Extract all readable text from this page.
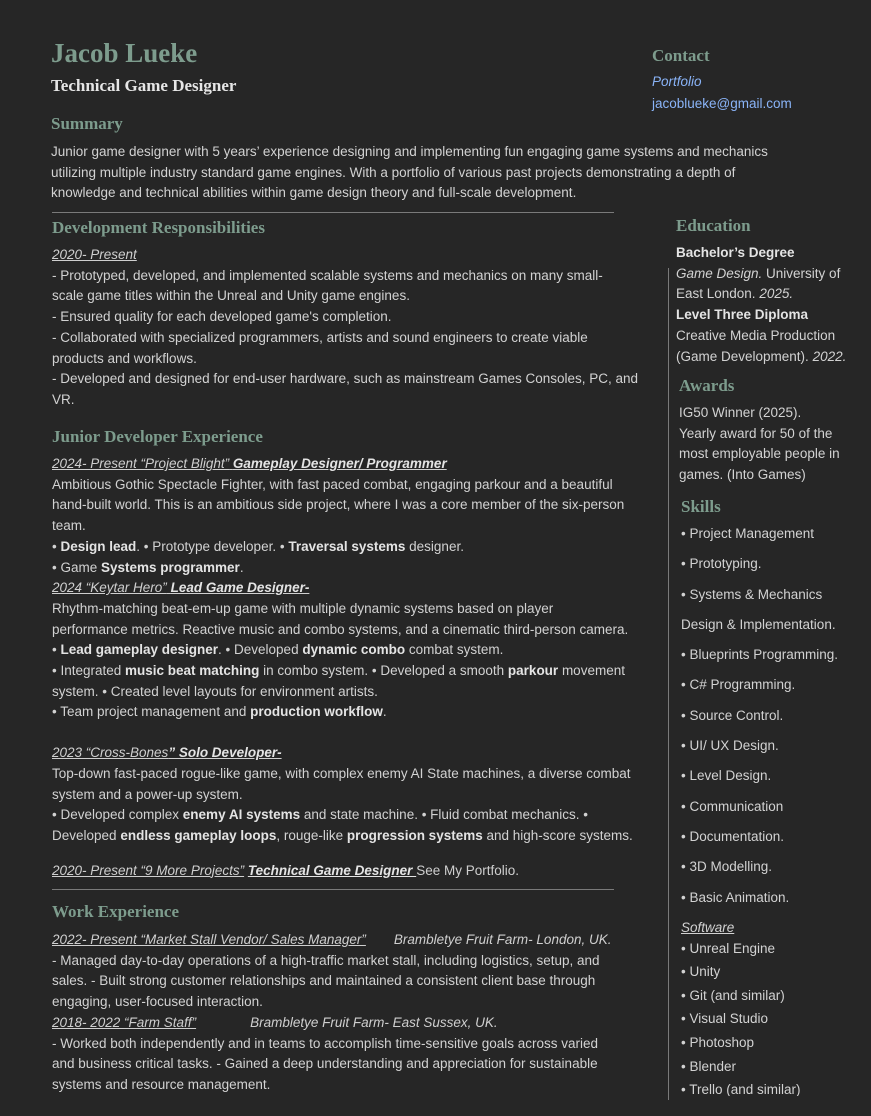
Jacob Lueke
Technical Game Designer
Contact
Portfolio
jacoblueke@gmail.com
Summary
Junior game designer with 5 years’ experience designing and implementing fun engaging game systems and mechanics
utilizing multiple industry standard game engines. With a portfolio of various past projects demonstrating a depth of
knowledge and technical abilities within game design theory and full-scale development.
Development Responsibilities
2020- Present
- Prototyped, developed, and implemented scalable systems and mechanics on many small-
scale game titles within the Unreal and Unity game engines.
- Ensured quality for each developed game's completion.
- Collaborated with specialized programmers, artists and sound engineers to create viable
products and workflows.
- Developed and designed for end-user hardware, such as mainstream Games Consoles, PC, and
VR.
Junior Developer Experience
2024- Present “Project Blight” Gameplay Designer/ Programmer
Ambitious Gothic Spectacle Fighter, with fast paced combat, engaging parkour and a beautiful
hand-built world. This is an ambitious side project, where I was a core member of the six-person
team.
• Design lead. • Prototype developer. • Traversal systems designer.
• Game Systems programmer.
2024 “Keytar Hero” Lead Game Designer-
Rhythm-matching beat-em-up game with multiple dynamic systems based on player
performance metrics. Reactive music and combo systems, and a cinematic third-person camera.
• Lead gameplay designer. • Developed dynamic combo combat system.
• Integrated music beat matching in combo system. • Developed a smooth parkour movement
system. • Created level layouts for environment artists.
• Team project management and production workflow.
2023 “Cross-Bones” Solo Developer-
Top-down fast-paced rogue-like game, with complex enemy AI State machines, a diverse combat
system and a power-up system.
• Developed complex enemy AI systems and state machine. • Fluid combat mechanics. •
Developed endless gameplay loops, rouge-like progression systems and high-score systems.
2020- Present “9 More Projects” Technical Game Designer See My Portfolio.
Work Experience
2022- Present “Market Stall Vendor/ Sales Manager” Brambletye Fruit Farm- London, UK.
- Managed day-to-day operations of a high-traffic market stall, including logistics, setup, and
sales. - Built strong customer relationships and maintained a consistent client base through
engaging, user-focused interaction.
2018- 2022 “Farm Staff”	Brambletye Fruit Farm- East Sussex, UK.
- Worked both independently and in teams to accomplish time-sensitive goals across varied
and business critical tasks. - Gained a deep understanding and appreciation for sustainable
systems and resource management.
Education
Bachelor’s Degree
Game Design. University of
East London. 2025.
Level Three Diploma
Creative Media Production
(Game Development). 2022.
Awards
IG50 Winner (2025).
Yearly award for 50 of the
most employable people in
games. (Into Games)
Skills
• Project Management
• Prototyping.
• Systems & Mechanics
Design & Implementation.
• Blueprints Programming.
• C# Programming.
• Source Control.
• UI/ UX Design.
• Level Design.
• Communication
• Documentation.
• 3D Modelling.
• Basic Animation.
Software
• Unreal Engine
• Unity
• Git (and similar)
• Visual Studio
• Photoshop
• Blender
• Trello (and similar)
